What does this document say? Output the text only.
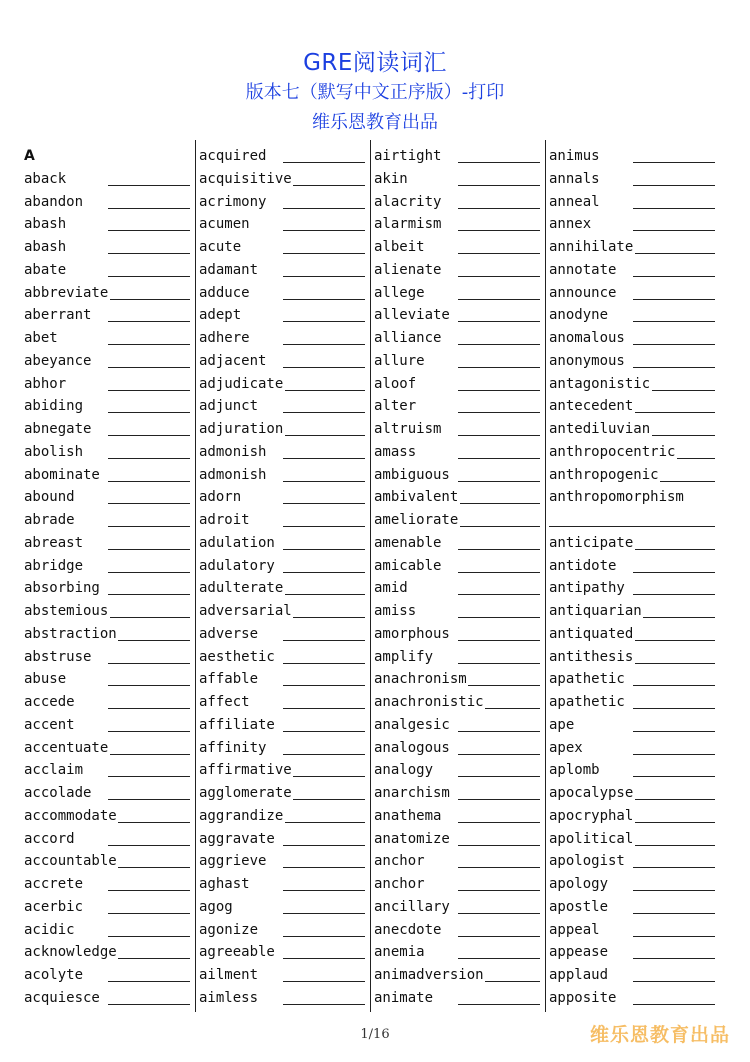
GRE阅读词汇
版本七（默写中文正序版）-打印
维乐恩教育出品
A
aback
abandon
abash
abash
abate
abbreviate
aberrant
abet
abeyance
abhor
abiding
abnegate
abolish
abominate
abound
abrade
abreast
abridge
absorbing
abstemious
abstraction
abstruse
abuse
accede
accent
accentuate
acclaim
accolade
accommodate
accord
accountable
accrete
acerbic
acidic
acknowledge
acolyte
acquiesce
acquired
acquisitive
acrimony
acumen
acute
adamant
adduce
adept
adhere
adjacent
adjudicate
adjunct
adjuration
admonish
admonish
adorn
adroit
adulation
adulatory
adulterate
adversarial
adverse
aesthetic
affable
affect
affiliate
affinity
affirmative
agglomerate
aggrandize
aggravate
aggrieve
aghast
agog
agonize
agreeable
ailment
aimless
airtight
akin
alacrity
alarmism
albeit
alienate
allege
alleviate
alliance
allure
aloof
alter
altruism
amass
ambiguous
ambivalent
ameliorate
amenable
amicable
amid
amiss
amorphous
amplify
anachronism
anachronistic
analgesic
analogous
analogy
anarchism
anathema
anatomize
anchor
anchor
ancillary
anecdote
anemia
animadversion
animate
animus
annals
anneal
annex
annihilate
annotate
announce
anodyne
anomalous
anonymous
antagonistic
antecedent
antediluvian
anthropocentric
anthropogenic
anthropomorphism
anticipate
antidote
antipathy
antiquarian
antiquated
antithesis
apathetic
apathetic
ape
apex
aplomb
apocalypse
apocryphal
apolitical
apologist
apology
apostle
appeal
appease
applaud
apposite
1/16	维乐恩教育出品
